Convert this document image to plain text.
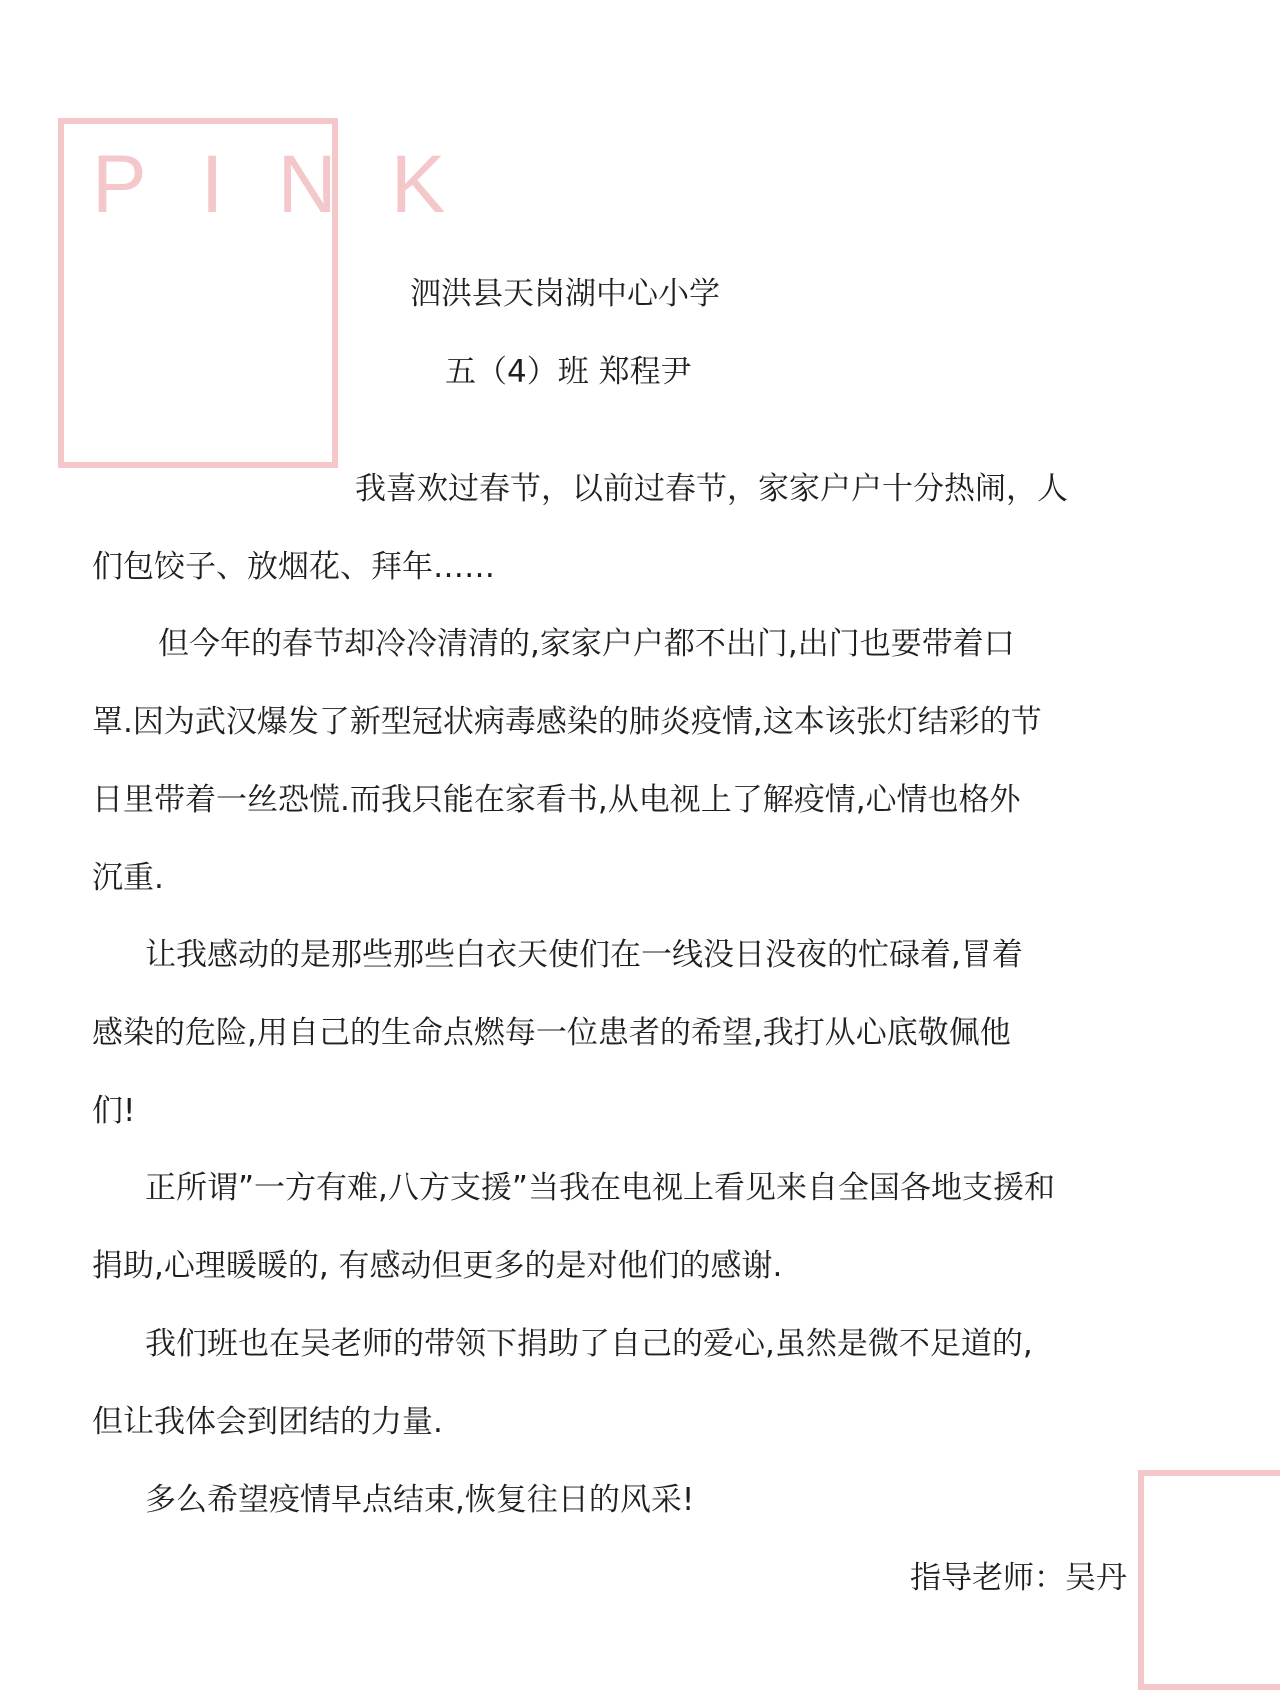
PINK
泗洪县天岗湖中心小学
五（4）班 郑程尹
我喜欢过春节，以前过春节，家家户户十分热闹，人
们包饺子、放烟花、拜年……
但今年的春节却冷冷清清的,家家户户都不出门,出门也要带着口
罩.因为武汉爆发了新型冠状病毒感染的肺炎疫情,这本该张灯结彩的节
日里带着一丝恐慌.而我只能在家看书,从电视上了解疫情,心情也格外
沉重.
让我感动的是那些那些白衣天使们在一线没日没夜的忙碌着,冒着
感染的危险,用自己的生命点燃每一位患者的希望,我打从心底敬佩他
们!
正所谓”一方有难,八方支援”当我在电视上看见来自全国各地支援和
捐助,心理暖暖的, 有感动但更多的是对他们的感谢.
我们班也在吴老师的带领下捐助了自己的爱心,虽然是微不足道的,
但让我体会到团结的力量.
多么希望疫情早点结束,恢复往日的风采!
指导老师：吴丹
